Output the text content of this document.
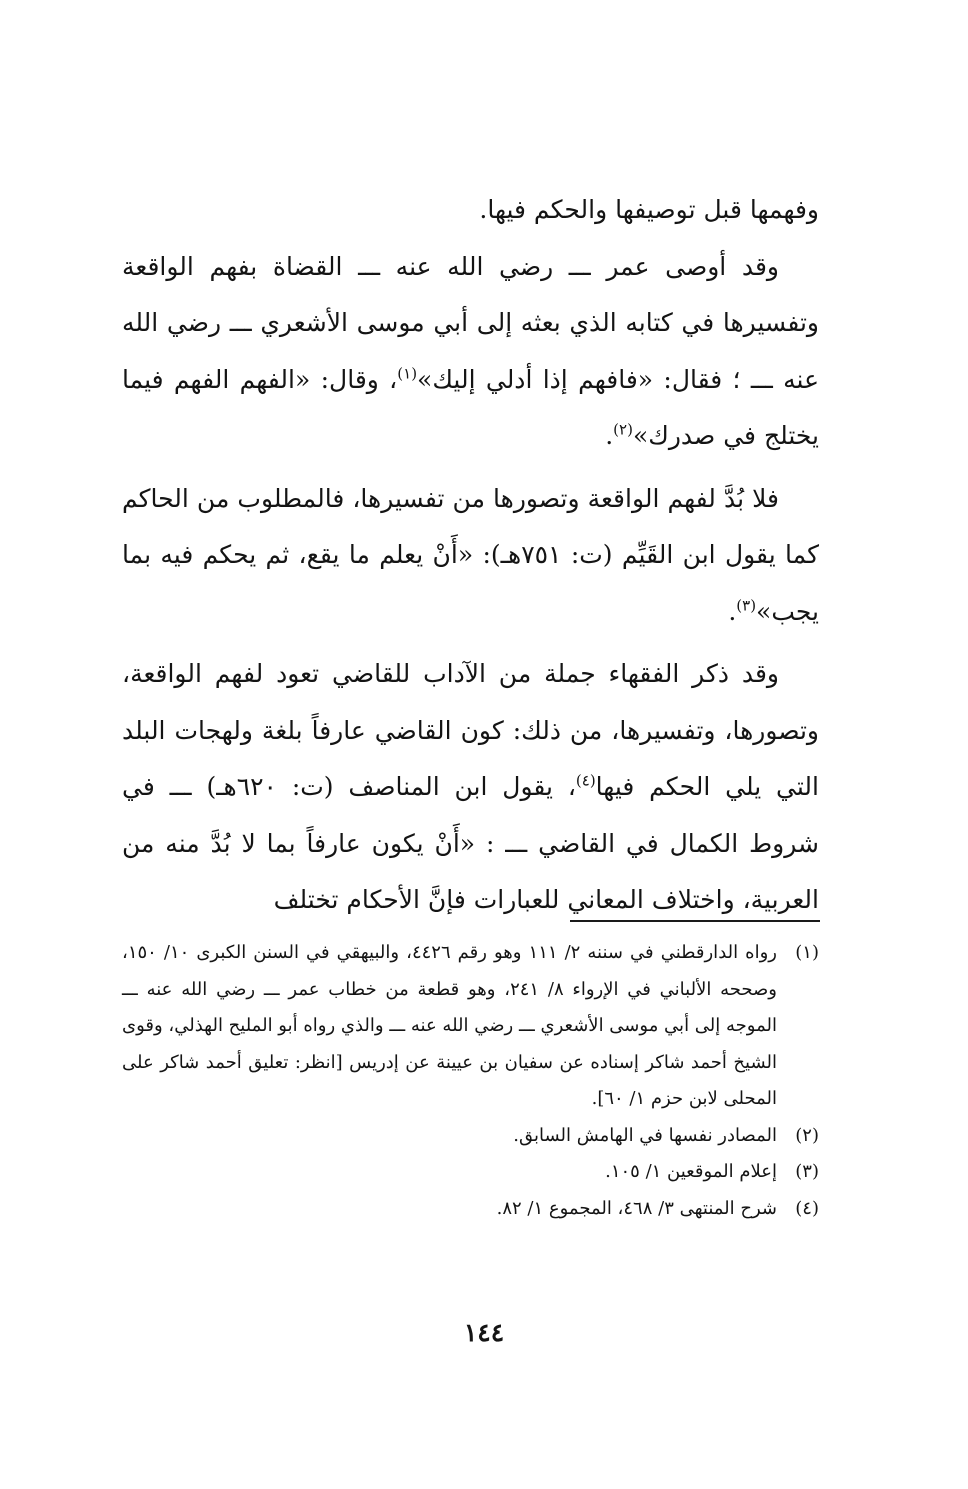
وفهمها قبل توصيفها والحكم فيها.

وقد أوصى عمر ـــ رضي الله عنه ـــ القضاة بفهم الواقعة وتفسيرها في كتابه الذي بعثه إلى أبي موسى الأشعري ـــ رضي الله عنه ـــ ؛ فقال: «فافهم إذا أدلي إليك»$^{(١)}$، وقال: «الفهم الفهم فيما يختلج في صدرك»$^{(٢)}$.

فلا بُدَّ لفهم الواقعة وتصورها من تفسيرها، فالمطلوب من الحاكم كما يقول ابن القَيِّم (ت: ٧٥١هـ): «أَنْ يعلم ما يقع، ثم يحكم فيه بما يجب»$^{(٣)}$.

وقد ذكر الفقهاء جملة من الآداب للقاضي تعود لفهم الواقعة، وتصورها، وتفسيرها، من ذلك: كون القاضي عارفاً بلغة ولهجات البلد التي يلي الحكم فيها$^{(٤)}$، يقول ابن المناصف (ت: ٦٢٠هـ) ـــ في شروط الكمال في القاضي ـــ : «أَنْ يكون عارفاً بما لا بُدَّ منه من العربية، واختلاف المعاني للعبارات فإنَّ الأحكام تختلف

(١)
رواه الدارقطني في سننه ٢/ ١١١ وهو رقم ٤٤٢٦، والبيهقي في السنن الكبرى ١٠/ ١٥٠، وصححه الألباني في الإرواء ٨/ ٢٤١، وهو قطعة من خطاب عمر ـــ رضي الله عنه ـــ الموجه إلى أبي موسى الأشعري ـــ رضي الله عنه ـــ والذي رواه أبو المليح الهذلي، وقوى الشيخ أحمد شاكر إسناده عن سفيان بن عيينة عن إدريس [انظر: تعليق أحمد شاكر على المحلى لابن حزم ١/ ٦٠].
(٢)
المصادر نفسها في الهامش السابق.
(٣)
إعلام الموقعين ١/ ١٠٥.
(٤)
شرح المنتهى ٣/ ٤٦٨، المجموع ١/ ٨٢.
١٤٤
